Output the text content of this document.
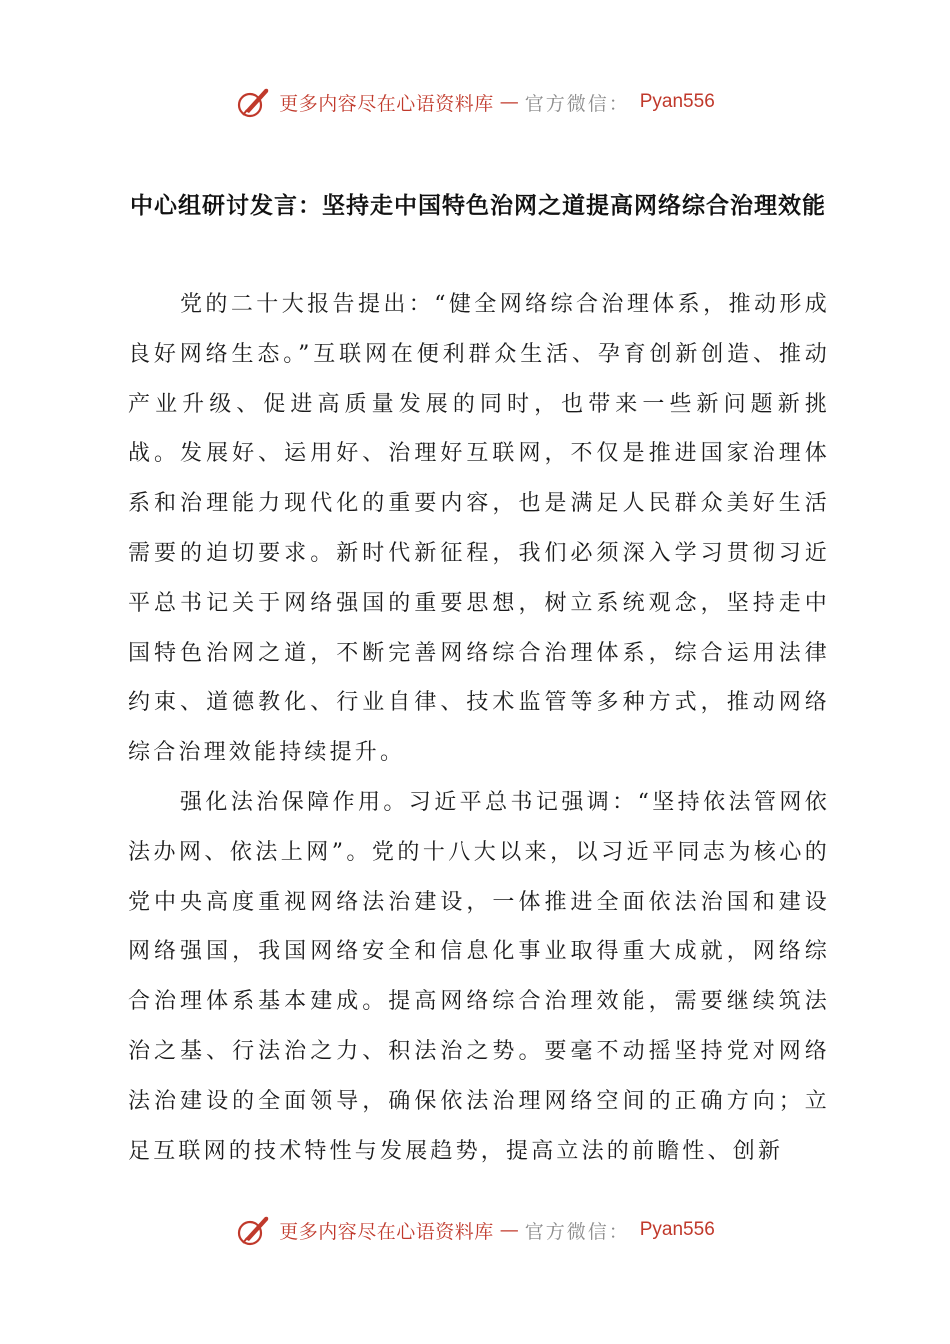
更多内容尽在心语资料库 — 官方微信： Pyan556
中心组研讨发言：坚持走中国特色治网之道提高网络综合治理效能

党的二十大报告提出：“健全网络综合治理体系，推动形成良好网络生态。”互联网在便利群众生活、孕育创新创造、推动产业升级、促进高质量发展的同时，也带来一些新问题新挑战。发展好、运用好、治理好互联网，不仅是推进国家治理体系和治理能力现代化的重要内容，也是满足人民群众美好生活需要的迫切要求。新时代新征程，我们必须深入学习贯彻习近平总书记关于网络强国的重要思想，树立系统观念，坚持走中国特色治网之道，不断完善网络综合治理体系，综合运用法律约束、道德教化、行业自律、技术监管等多种方式，推动网络综合治理效能持续提升。

强化法治保障作用。习近平总书记强调：“坚持依法管网依法办网、依法上网”。党的十八大以来，以习近平同志为核心的党中央高度重视网络法治建设，一体推进全面依法治国和建设网络强国，我国网络安全和信息化事业取得重大成就，网络综合治理体系基本建成。提高网络综合治理效能，需要继续筑法治之基、行法治之力、积法治之势。要毫不动摇坚持党对网络法治建设的全面领导，确保依法治理网络空间的正确方向；立足互联网的技术特性与发展趋势，提高立法的前瞻性、创新

更多内容尽在心语资料库 — 官方微信： Pyan556
